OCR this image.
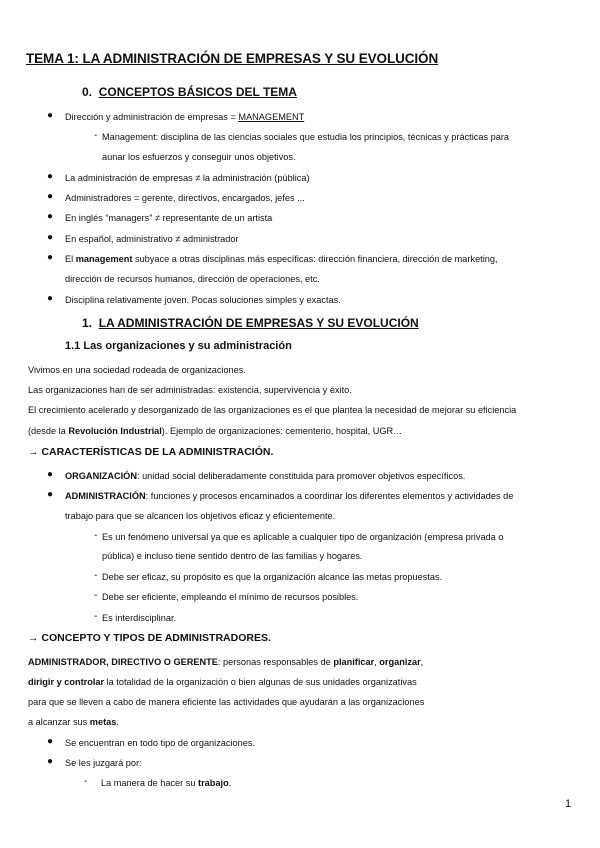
TEMA 1: LA ADMINISTRACIÓN DE EMPRESAS Y SU EVOLUCIÓN
0. CONCEPTOS BÁSICOS DEL TEMA
● Dirección y administración de empresas = MANAGEMENT
- Management: disciplina de las ciencias sociales que estudia los principios, técnicas y prácticas para
aunar los esfuerzos y conseguir unos objetivos.
● La administración de empresas ≠ la administración (pública)
● Administradores = gerente, directivos, encargados, jefes ...
● En inglés “managers” ≠ representante de un artista
● En español, administrativo ≠ administrador
● El management subyace a otras disciplinas más específicas: dirección financiera, dirección de marketing,
dirección de recursos humanos, dirección de operaciones, etc.
● Disciplina relativamente joven. Pocas soluciones simples y exactas.
1. LA ADMINISTRACIÓN DE EMPRESAS Y SU EVOLUCIÓN
1.1 Las organizaciones y su administración
Vivimos en una sociedad rodeada de organizaciones.
Las organizaciones han de ser administradas: existencia, supervivencia y éxito.
El crecimiento acelerado y desorganizado de las organizaciones es el que plantea la necesidad de mejorar su eficiencia
(desde la Revolución Industrial). Ejemplo de organizaciones: cementerio, hospital, UGR…
→ CARACTERÍSTICAS DE LA ADMINISTRACIÓN.
● ORGANIZACIÓN: unidad social deliberadamente constituida para promover objetivos específicos.
● ADMINISTRACIÓN: funciones y procesos encaminados a coordinar los diferentes elementos y actividades de
trabajo para que se alcancen los objetivos eficaz y eficientemente.
- Es un fenómeno universal ya que es aplicable a cualquier tipo de organización (empresa privada o
pública) e incluso tiene sentido dentro de las familias y hogares.
- Debe ser eficaz, su propósito es que la organización alcance las metas propuestas.
- Debe ser eficiente, empleando el mínimo de recursos posibles.
- Es interdisciplinar.
→ CONCEPTO Y TIPOS DE ADMINISTRADORES.
ADMINISTRADOR, DIRECTIVO O GERENTE: personas responsables de planificar, organizar,
dirigir y controlar la totalidad de la organización o bien algunas de sus unidades organizativas
para que se lleven a cabo de manera eficiente las actividades que ayudarán a las organizaciones
a alcanzar sus metas.
● Se encuentran en todo tipo de organizaciones.
● Se les juzgará por:
- La manera de hacer su trabajo.
1
